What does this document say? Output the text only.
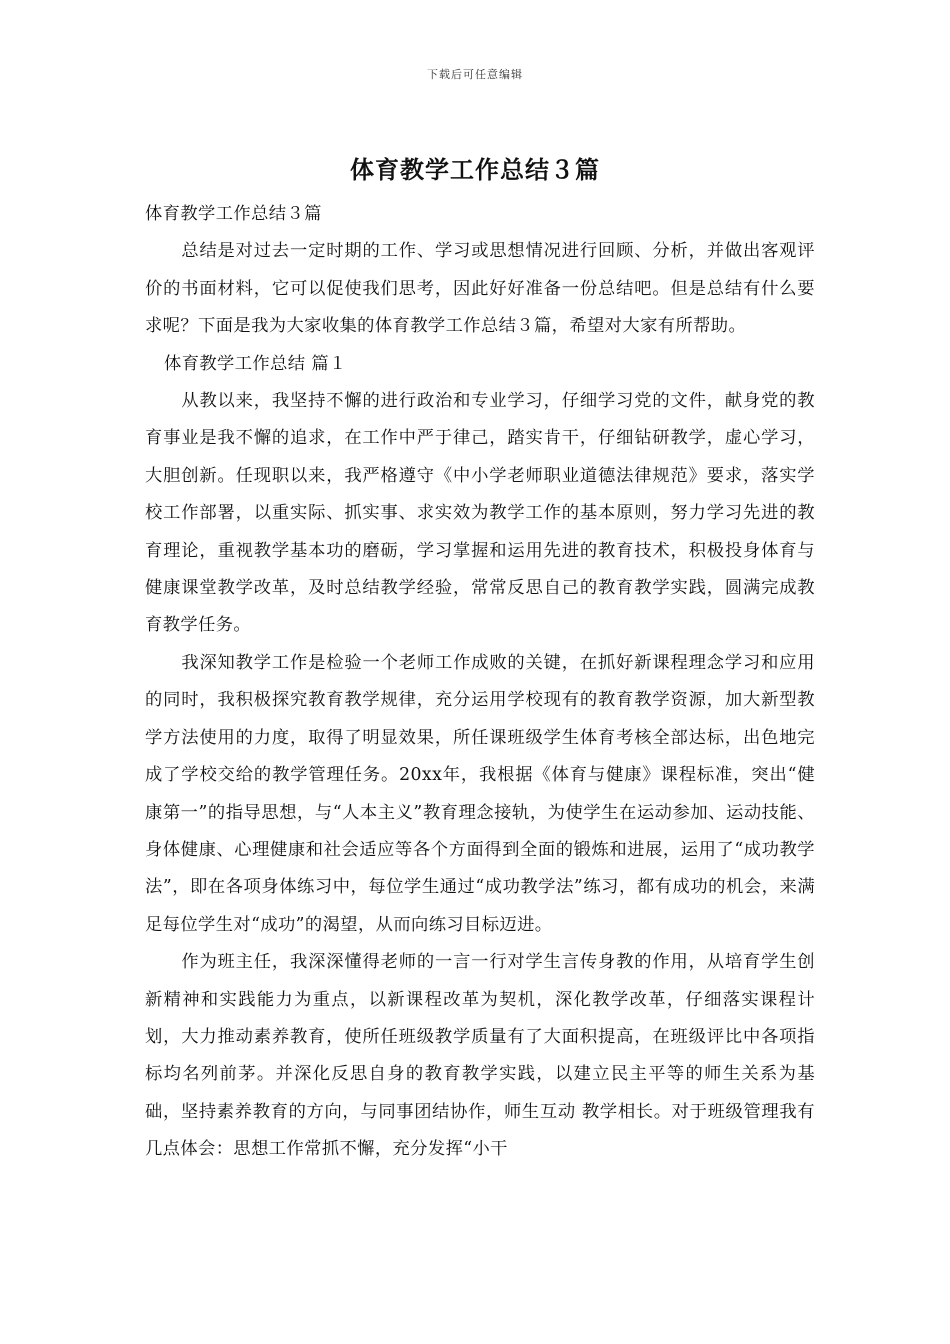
下载后可任意编辑
体育教学工作总结３篇

体育教学工作总结３篇

总结是对过去一定时期的工作、学习或思想情况进行回顾、分析，并做出客观评价的书面材料，它可以促使我们思考，因此好好准备一份总结吧。但是总结有什么要求呢？下面是我为大家收集的体育教学工作总结３篇，希望对大家有所帮助。

体育教学工作总结 篇１

从教以来，我坚持不懈的进行政治和专业学习，仔细学习党的文件，献身党的教育事业是我不懈的追求，在工作中严于律己，踏实肯干，仔细钻研教学，虚心学习，大胆创新。任现职以来，我严格遵守《中小学老师职业道德法律规范》要求，落实学校工作部署，以重实际、抓实事、求实效为教学工作的基本原则，努力学习先进的教育理论，重视教学基本功的磨砺，学习掌握和运用先进的教育技术，积极投身体育与健康课堂教学改革，及时总结教学经验，常常反思自己的教育教学实践，圆满完成教育教学任务。

我深知教学工作是检验一个老师工作成败的关键，在抓好新课程理念学习和应用的同时，我积极探究教育教学规律，充分运用学校现有的教育教学资源，加大新型教学方法使用的力度，取得了明显效果，所任课班级学生体育考核全部达标，出色地完成了学校交给的教学管理任务。20xx年，我根据《体育与健康》课程标准，突出“健康第一”的指导思想，与“人本主义”教育理念接轨，为使学生在运动参加、运动技能、身体健康、心理健康和社会适应等各个方面得到全面的锻炼和进展，运用了“成功教学法”，即在各项身体练习中，每位学生通过“成功教学法”练习，都有成功的机会，来满足每位学生对“成功”的渴望，从而向练习目标迈进。

作为班主任，我深深懂得老师的一言一行对学生言传身教的作用，从培育学生创新精神和实践能力为重点，以新课程改革为契机，深化教学改革，仔细落实课程计划，大力推动素养教育，使所任班级教学质量有了大面积提高，在班级评比中各项指标均名列前茅。并深化反思自身的教育教学实践，以建立民主平等的师生关系为基础，坚持素养教育的方向，与同事团结协作，师生互动 教学相长。对于班级管理我有几点体会：思想工作常抓不懈，充分发挥“小干
